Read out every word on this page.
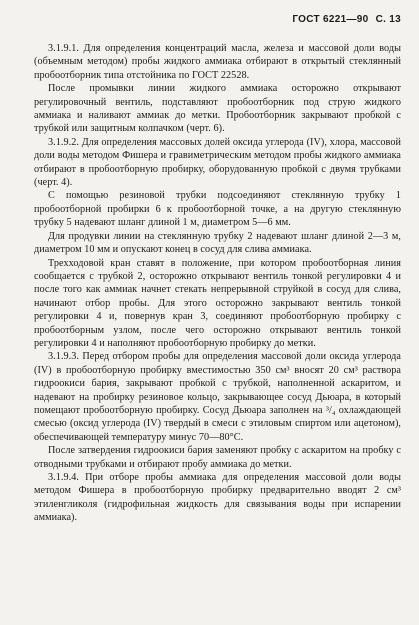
ГОСТ 6221—90 С. 13

3.1.9.1. Для определения концентраций масла, железа и массовой доли воды (объемным методом) пробы жидкого аммиака отбирают в открытый стеклянный пробоотборник типа отстойника по ГОСТ 22528.

После промывки линии жидкого аммиака осторожно открывают регулировочный вентиль, подставляют пробоотборник под струю жидкого аммиака и наливают аммиак до метки. Пробоотборник закрывают пробкой с трубкой или защитным колпачком (черт. 6).

3.1.9.2. Для определения массовых долей оксида углерода (IV), хлора, массовой доли воды методом Фишера и гравиметрическим методом пробы жидкого аммиака отбирают в пробоотборную пробирку, оборудованную пробкой с двумя трубками (черт. 4).

С помощью резиновой трубки подсоединяют стеклянную трубку 1 пробоотборной пробирки 6 к пробоотборной точке, а на другую стеклянную трубку 5 надевают шланг длиной 1 м, диаметром 5—6 мм.

Для продувки линии на стеклянную трубку 2 надевают шланг длиной 2—3 м, диаметром 10 мм и опускают конец в сосуд для слива аммиака.

Трехходовой кран ставят в положение, при котором пробоотборная линия сообщается с трубкой 2, осторожно открывают вентиль тонкой регулировки 4 и после того как аммиак начнет стекать непрерывной струйкой в сосуд для слива, начинают отбор пробы. Для этого осторожно закрывают вентиль тонкой регулировки 4 и, повернув кран 3, соединяют пробоотборную пробирку с пробоотборным узлом, после чего осторожно открывают вентиль тонкой регулировки 4 и наполняют пробоотборную пробирку до метки.

3.1.9.3. Перед отбором пробы для определения массовой доли оксида углерода (IV) в пробоотборную пробирку вместимостью 350 см³ вносят 20 см³ раствора гидроокиси бария, закрывают пробкой с трубкой, наполненной аскаритом, и надевают на пробирку резиновое кольцо, закрывающее сосуд Дьюара, в который помещают пробоотборную пробирку. Сосуд Дьюара заполнен на ³/₄ охлаждающей смесью (оксид углерода (IV) твердый в смеси с этиловым спиртом или ацетоном), обеспечивающей температуру минус 70—80°С.

После затвердения гидроокиси бария заменяют пробку с аскаритом на пробку с отводными трубками и отбирают пробу аммиака до метки.

3.1.9.4. При отборе пробы аммиака для определения массовой доли воды методом Фишера в пробоотборную пробирку предварительно вводят 2 см³ этиленгликоля (гидрофильная жидкость для связывания воды при испарении аммиака).
